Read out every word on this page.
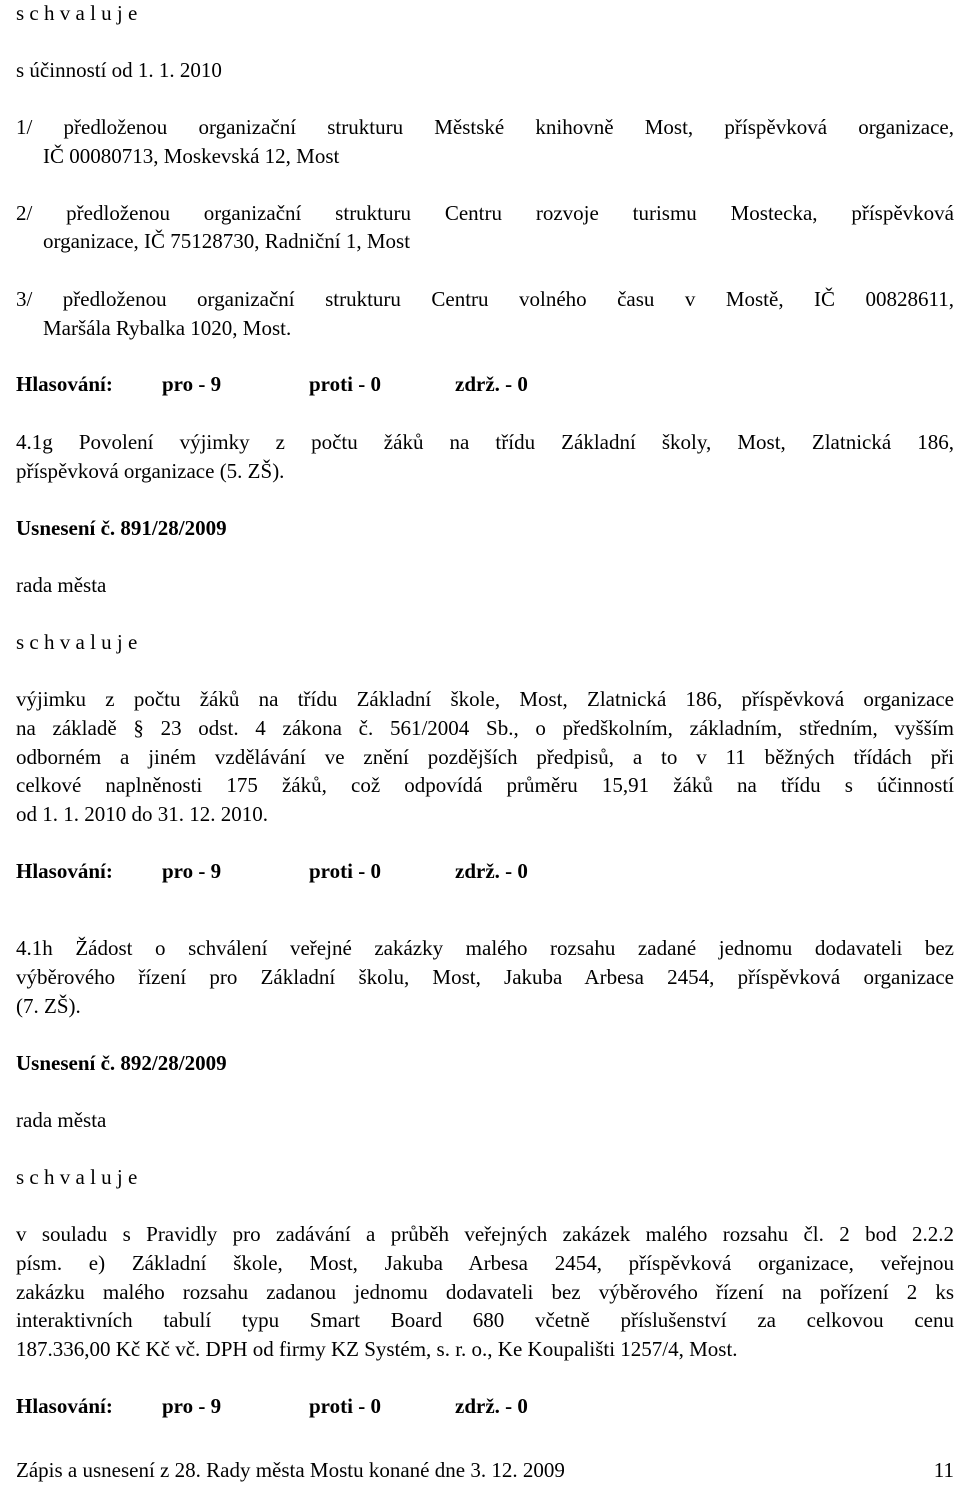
s c h v a l u j e
s účinností od 1. 1. 2010
1/ předloženou organizační strukturu Městské knihovně Most, příspěvková organizace,
IČ 00080713, Moskevská 12, Most
2/ předloženou organizační strukturu Centru rozvoje turismu Mostecka, příspěvková
organizace, IČ 75128730, Radniční 1, Most
3/ předloženou organizační strukturu Centru volného času v Mostě, IČ 00828611,
Maršála Rybalka 1020, Most.
Hlasování: pro - 9	proti - 0	zdrž. - 0
4.1g Povolení výjimky z počtu žáků na třídu Základní školy, Most, Zlatnická 186,
příspěvková organizace (5. ZŠ).
Usnesení č. 891/28/2009
rada města
s c h v a l u j e
výjimku z počtu žáků na třídu Základní škole, Most, Zlatnická 186, příspěvková organizace
na základě § 23 odst. 4 zákona č. 561/2004 Sb., o předškolním, základním, středním, vyšším
odborném a jiném vzdělávání ve znění pozdějších předpisů, a to v 11 běžných třídách při
celkové naplněnosti 175 žáků, což odpovídá průměru 15,91 žáků na třídu s účinností
od 1. 1. 2010 do 31. 12. 2010.
Hlasování: pro - 9	proti - 0	zdrž. - 0
4.1h Žádost o schválení veřejné zakázky malého rozsahu zadané jednomu dodavateli bez
výběrového řízení pro Základní školu, Most, Jakuba Arbesa 2454, příspěvková organizace
(7. ZŠ).
Usnesení č. 892/28/2009
rada města
s c h v a l u j e
v souladu s Pravidly pro zadávání a průběh veřejných zakázek malého rozsahu čl. 2 bod 2.2.2
písm. e) Základní škole, Most, Jakuba Arbesa 2454, příspěvková organizace, veřejnou
zakázku malého rozsahu zadanou jednomu dodavateli bez výběrového řízení na pořízení 2 ks
interaktivních tabulí typu Smart Board 680 včetně příslušenství za celkovou cenu
187.336,00 Kč Kč vč. DPH od firmy KZ Systém, s. r. o., Ke Koupališti 1257/4, Most.
Hlasování: pro - 9	proti - 0	zdrž. - 0
Zápis a usnesení z 28. Rady města Mostu konané dne 3. 12. 2009	11
